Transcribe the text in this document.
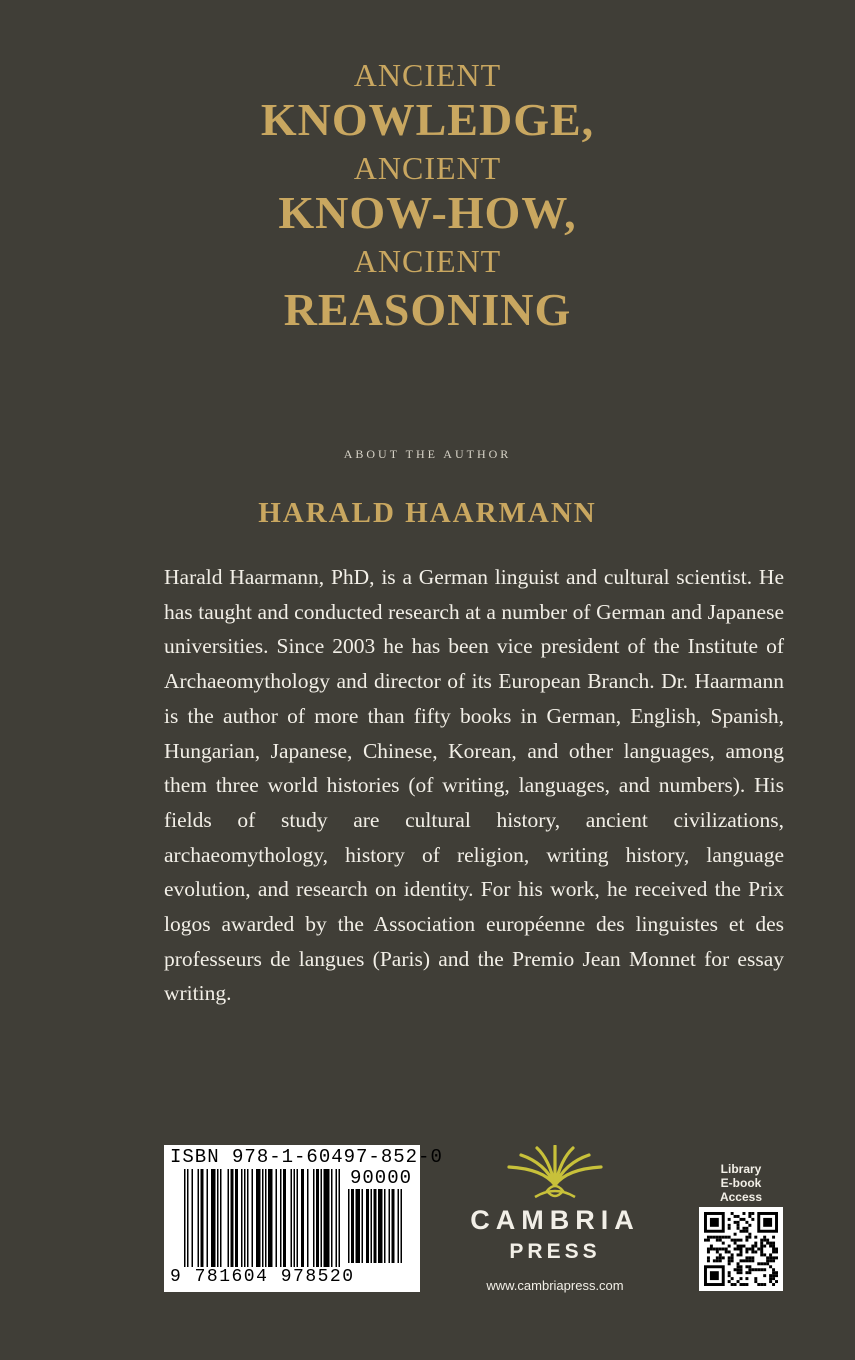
ANCIENT
KNOWLEDGE,
ANCIENT
KNOW-HOW,
ANCIENT
REASONING
ABOUT THE AUTHOR
HARALD HAARMANN
Harald Haarmann, PhD, is a German linguist and cultural scientist. He has taught and conducted research at a number of German and Japanese universities. Since 2003 he has been vice president of the Institute of Archaeomythology and director of its European Branch. Dr. Haarmann is the author of more than fifty books in German, English, Spanish, Hungarian, Japanese, Chinese, Korean, and other languages, among them three world histories (of writing, languages, and numbers). His fields of study are cultural history, ancient civilizations, archaeomythology, history of religion, writing history, language evolution, and research on identity. For his work, he received the Prix logos awarded by the Association européenne des linguistes et des professeurs de langues (Paris) and the Premio Jean Monnet for essay writing.
ISBN 978-1-60497-852-0
90000
9 781604 978520
CAMBRIA
PRESS
www.cambriapress.com
Library
E-book
Access
